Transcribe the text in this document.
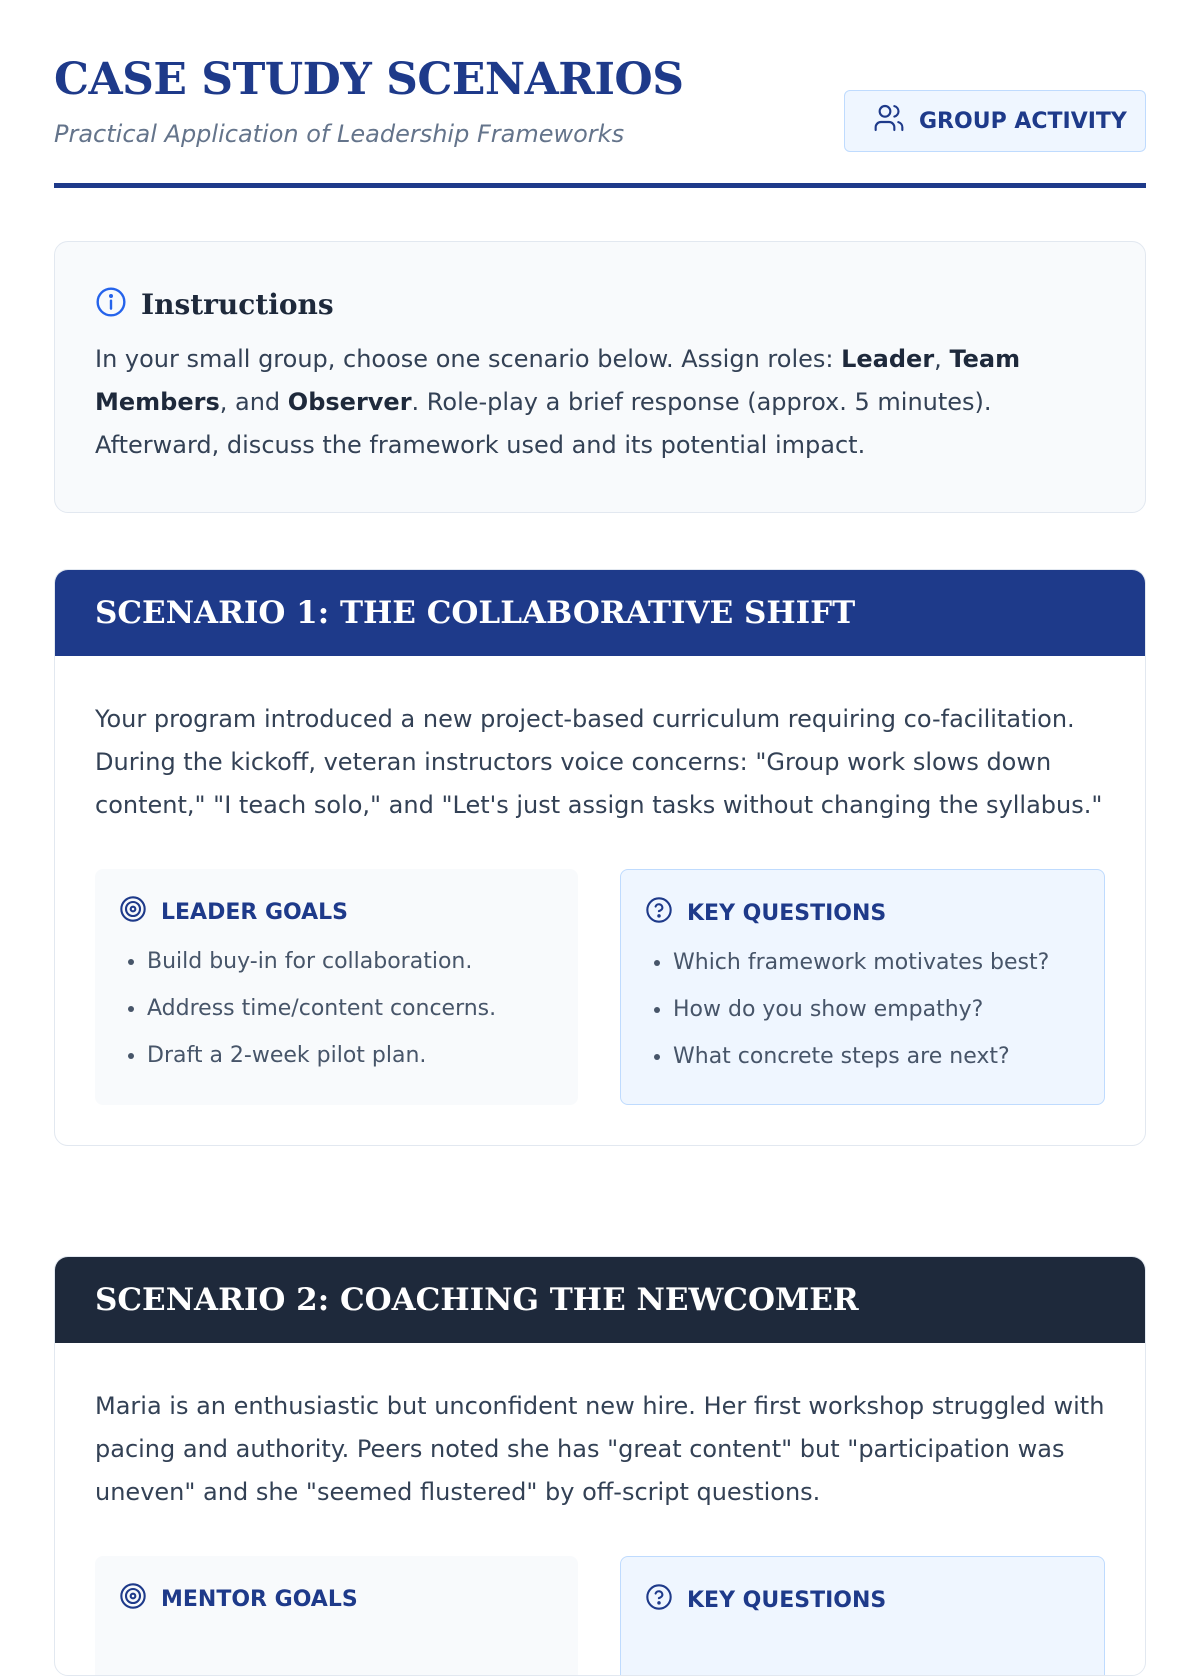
CASE STUDY SCENARIOS
Practical Application of Leadership Frameworks	GROUP ACTIVITY
Instructions
In your small group, choose one scenario below. Assign roles: Leader, Team Members, and Observer. Role-play a brief response (approx. 5 minutes). Afterward, discuss the framework used and its potential impact.
SCENARIO 1: THE COLLABORATIVE SHIFT

Your program introduced a new project-based curriculum requiring co-facilitation. During the kickoff, veteran instructors voice concerns: "Group work slows down content," "I teach solo," and "Let's just assign tasks without changing the syllabus."

LEADER GOALS
• Build buy-in for collaboration.
• Address time/content concerns.
• Draft a 2-week pilot plan.
KEY QUESTIONS
• Which framework motivates best?
• How do you show empathy?
• What concrete steps are next?
SCENARIO 2: COACHING THE NEWCOMER

Maria is an enthusiastic but unconfident new hire. Her first workshop struggled with pacing and authority. Peers noted she has "great content" but "participation was uneven" and she "seemed flustered" by off-script questions.

MENTOR GOALS	KEY QUESTIONS
